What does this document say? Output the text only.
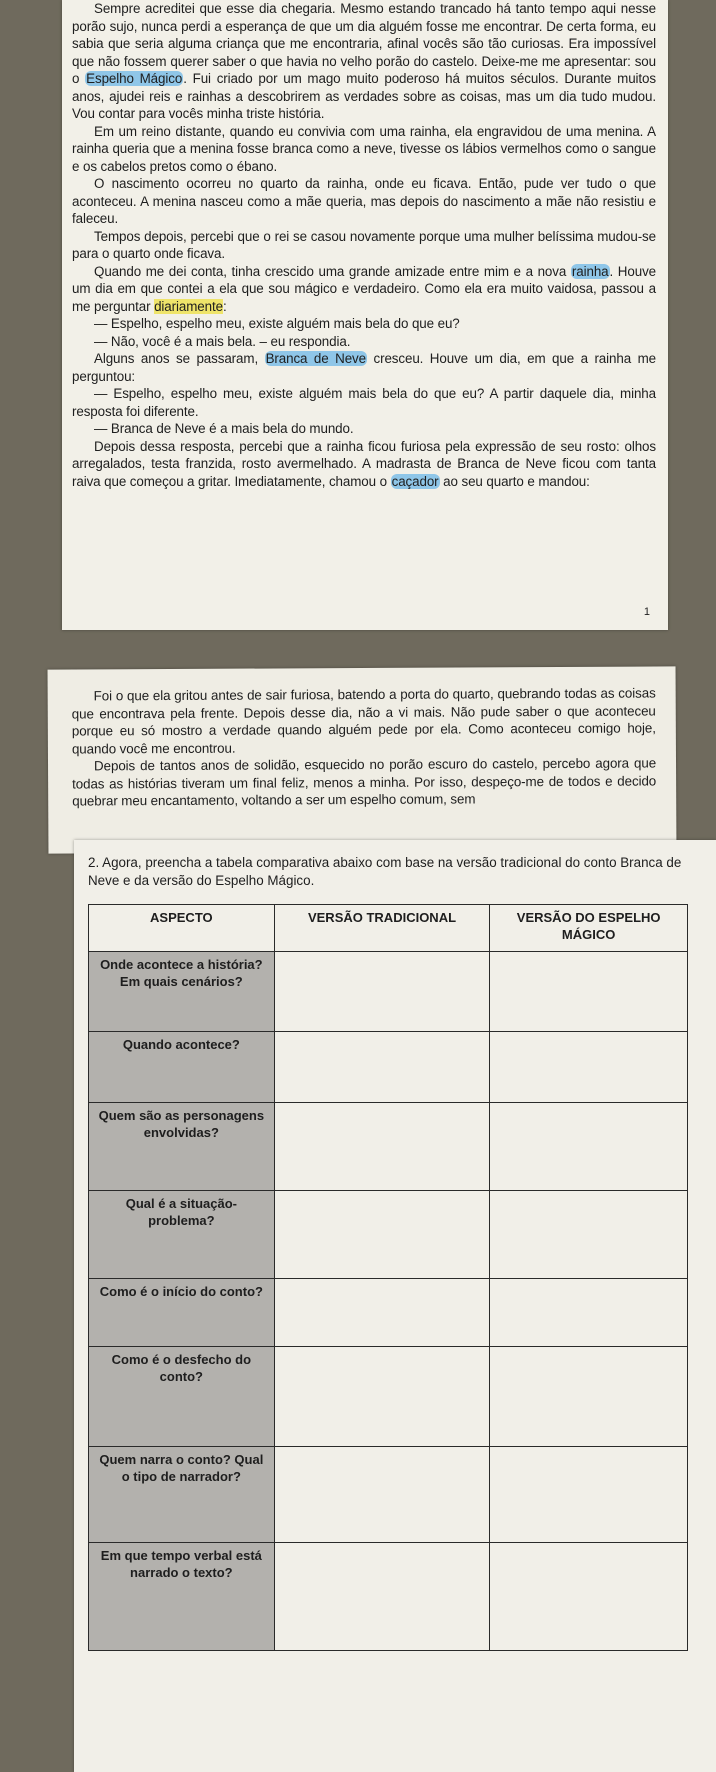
Sempre acreditei que esse dia chegaria. Mesmo estando trancado há tanto tempo aqui nesse porão sujo, nunca perdi a esperança de que um dia alguém fosse me encontrar. De certa forma, eu sabia que seria alguma criança que me encontraria, afinal vocês são tão curiosas. Era impossível que não fossem querer saber o que havia no velho porão do castelo. Deixe-me me apresentar: sou o Espelho Mágico. Fui criado por um mago muito poderoso há muitos séculos. Durante muitos anos, ajudei reis e rainhas a descobrirem as verdades sobre as coisas, mas um dia tudo mudou. Vou contar para vocês minha triste história.

Em um reino distante, quando eu convivia com uma rainha, ela engravidou de uma menina. A rainha queria que a menina fosse branca como a neve, tivesse os lábios vermelhos como o sangue e os cabelos pretos como o ébano.

O nascimento ocorreu no quarto da rainha, onde eu ficava. Então, pude ver tudo o que aconteceu. A menina nasceu como a mãe queria, mas depois do nascimento a mãe não resistiu e faleceu.

Tempos depois, percebi que o rei se casou novamente porque uma mulher belíssima mudou-se para o quarto onde ficava.

Quando me dei conta, tinha crescido uma grande amizade entre mim e a nova rainha. Houve um dia em que contei a ela que sou mágico e verdadeiro. Como ela era muito vaidosa, passou a me perguntar diariamente:

— Espelho, espelho meu, existe alguém mais bela do que eu?

— Não, você é a mais bela. – eu respondia.

Alguns anos se passaram, Branca de Neve cresceu. Houve um dia, em que a rainha me perguntou:

— Espelho, espelho meu, existe alguém mais bela do que eu? A partir daquele dia, minha resposta foi diferente.

— Branca de Neve é a mais bela do mundo.

Depois dessa resposta, percebi que a rainha ficou furiosa pela expressão de seu rosto: olhos arregalados, testa franzida, rosto avermelhado. A madrasta de Branca de Neve ficou com tanta raiva que começou a gritar. Imediatamente, chamou o caçador ao seu quarto e mandou:

1

Foi o que ela gritou antes de sair furiosa, batendo a porta do quarto, quebrando todas as coisas que encontrava pela frente. Depois desse dia, não a vi mais. Não pude saber o que aconteceu porque eu só mostro a verdade quando alguém pede por ela. Como aconteceu comigo hoje, quando você me encontrou.

Depois de tantos anos de solidão, esquecido no porão escuro do castelo, percebo agora que todas as histórias tiveram um final feliz, menos a minha. Por isso, despeço-me de todos e decido quebrar meu encantamento, voltando a ser um espelho comum, sem

2. Agora, preencha a tabela comparativa abaixo com base na versão tradicional do conto Branca de Neve e da versão do Espelho Mágico.
ASPECTO	VERSÃO TRADICIONAL	VERSÃO DO ESPELHO MÁGICO
Onde acontece a história? Em quais cenários?		
Quando acontece?		
Quem são as personagens envolvidas?		
Qual é a situação-problema?		
Como é o início do conto?		
Como é o desfecho do conto?		
Quem narra o conto? Qual o tipo de narrador?		
Em que tempo verbal está narrado o texto?		
